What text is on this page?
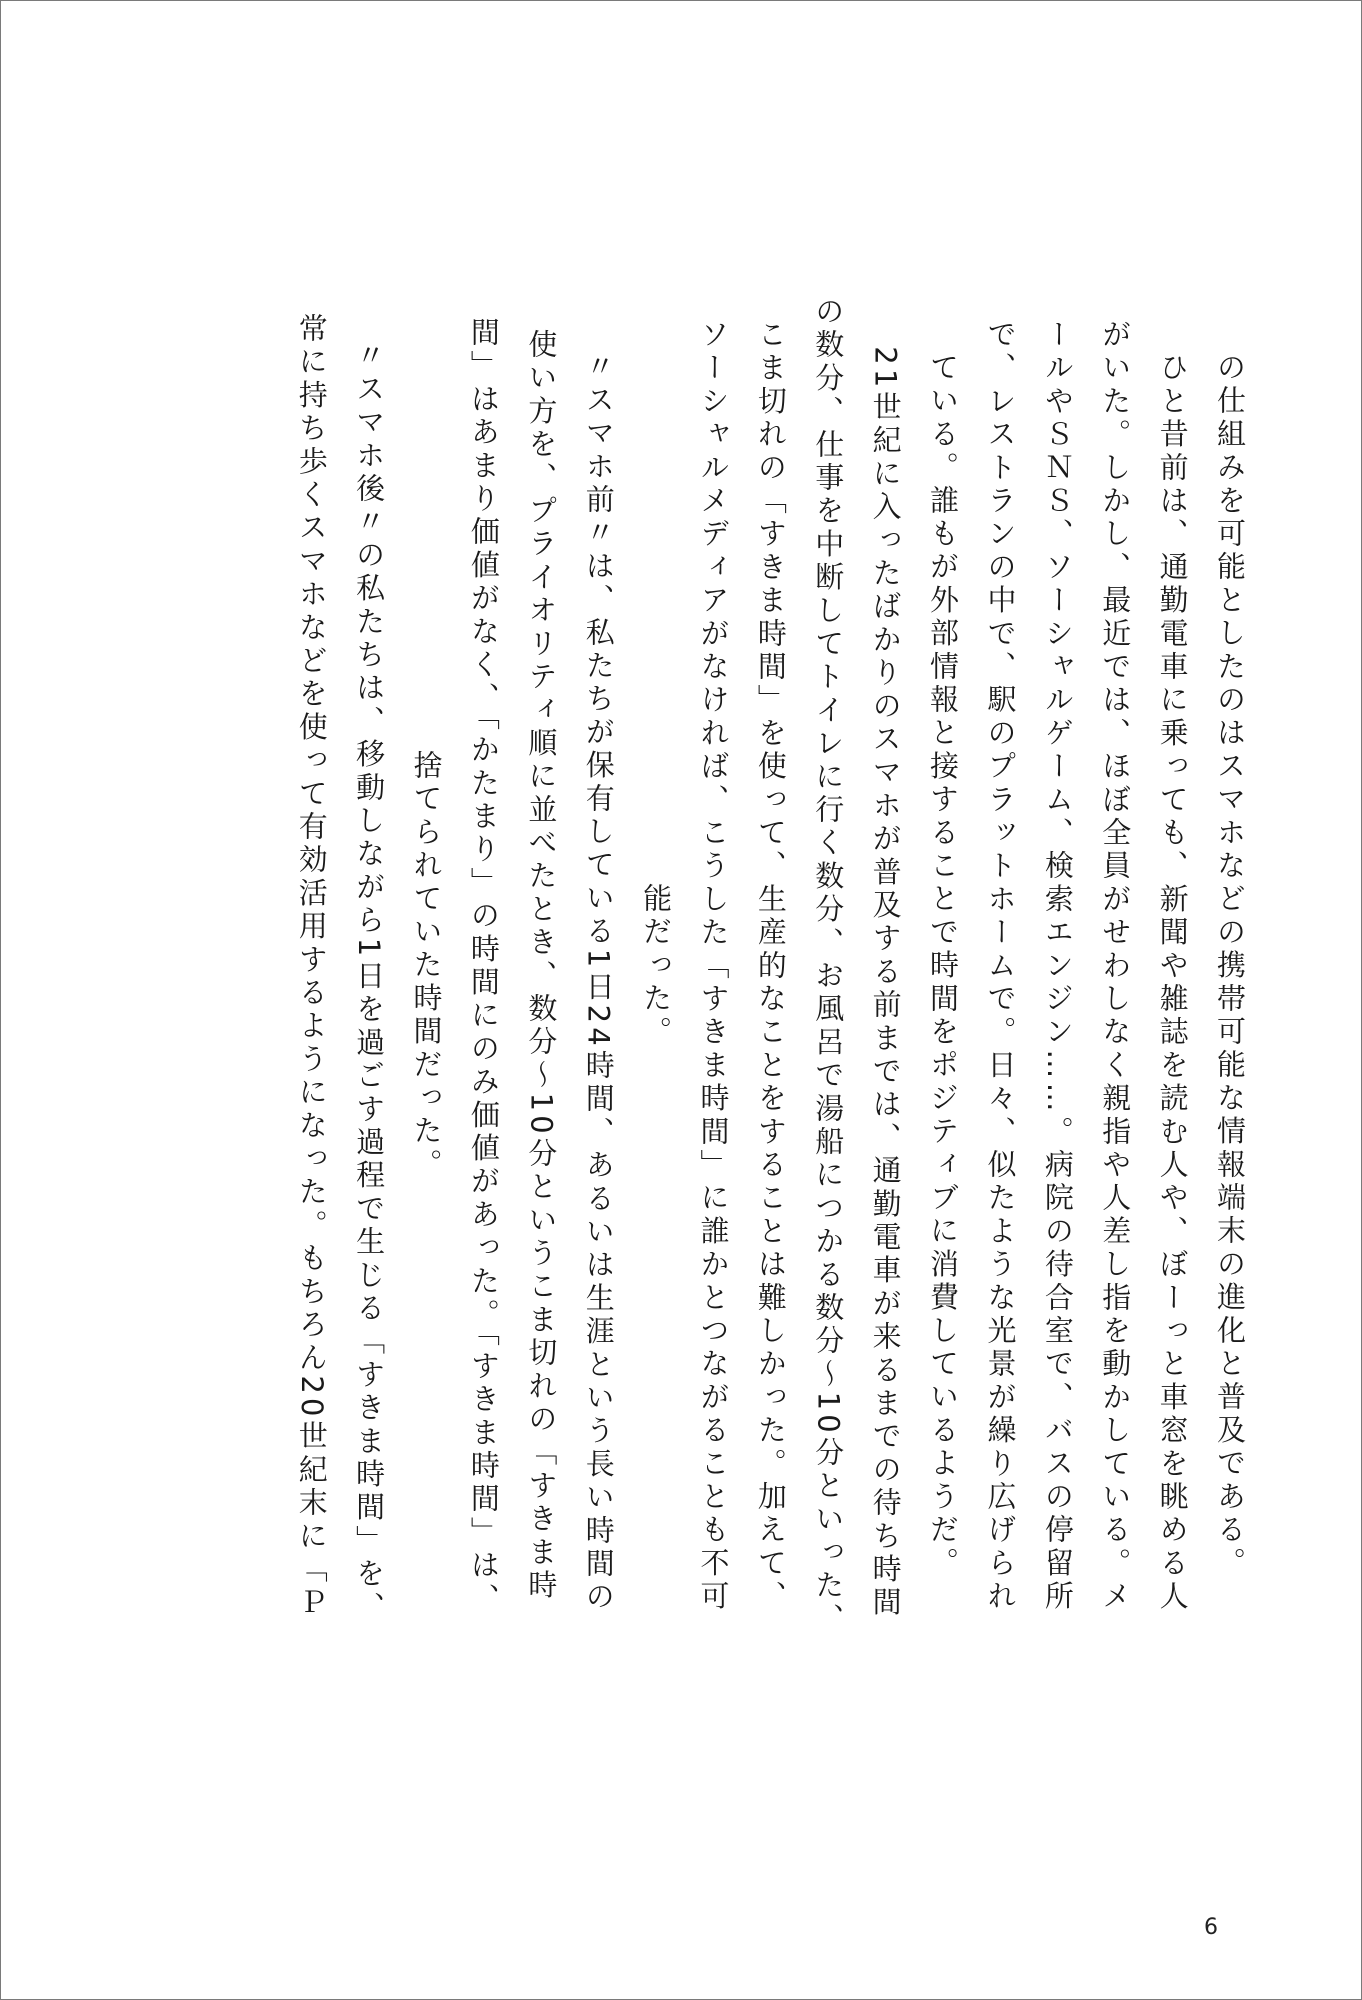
の仕組みを可能としたのはスマホなどの携帯可能な情報端末の進化と普及である。
　ひと昔前は、通勤電車に乗っても、新聞や雑誌を読む人や、ぼーっと車窓を眺める人
がいた。しかし、最近では、ほぼ全員がせわしなく親指や人差し指を動かしている。メ
ールやＳＮＳ、ソーシャルゲーム、検索エンジン……。病院の待合室で、バスの停留所
で、レストランの中で、駅のプラットホームで。日々、似たような光景が繰り広げられ
ている。誰もが外部情報と接することで時間をポジティブに消費しているようだ。
　21世紀に入ったばかりのスマホが普及する前までは、通勤電車が来るまでの待ち時間
の数分、仕事を中断してトイレに行く数分、お風呂で湯船につかる数分～10分といった、
こま切れの「すきま時間」を使って、生産的なことをすることは難しかった。加えて、
ソーシャルメディアがなければ、こうした「すきま時間」に誰かとつながることも不可
能だった。
　〃スマホ前〃は、私たちが保有している1日24時間、あるいは生涯という長い時間の
使い方を、プライオリティ順に並べたとき、数分～10分というこま切れの「すきま時
間」はあまり価値がなく、「かたまり」の時間にのみ価値があった。「すきま時間」は、
捨てられていた時間だった。
　〃スマホ後〃の私たちは、移動しながら1日を過ごす過程で生じる「すきま時間」を、
常に持ち歩くスマホなどを使って有効活用するようになった。もちろん20世紀末に「Ｐ
6
